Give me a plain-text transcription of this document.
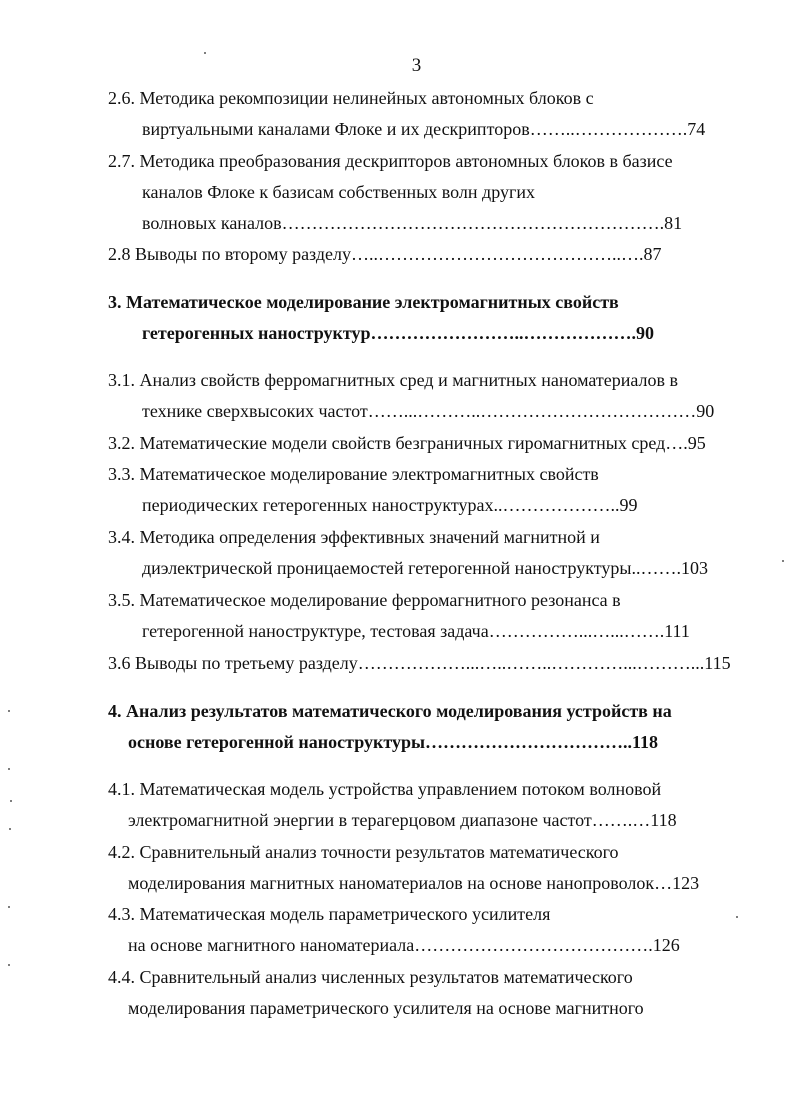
3
2.6. Методика рекомпозиции нелинейных автономных блоков с
виртуальными каналами Флоке и их дескрипторов……..……………….74
2.7. Методика преобразования дескрипторов автономных блоков в базисе
каналов Флоке к базисам собственных волн других
волновых каналов……………………………………………………….81
2.8 Выводы по второму разделу…..…………………………………..….87
3. Математическое моделирование электромагнитных свойств
гетерогенных наноструктур……………………..……………….90
3.1. Анализ свойств ферромагнитных сред и магнитных наноматериалов в
технике сверхвысоких частот……...………..………………………………90
3.2. Математические модели свойств безграничных гиромагнитных сред….95
3.3. Математическое моделирование электромагнитных свойств
периодических гетерогенных наноструктурах..………………..99
3.4. Методика определения эффективных значений магнитной и
диэлектрической проницаемостей гетерогенной наноструктуры..…….103
3.5. Математическое моделирование ферромагнитного резонанса в
гетерогенной наноструктуре, тестовая задача……………...…...…….111
3.6 Выводы по третьему разделу………………...…..……..…………...………...115
4. Анализ результатов математического моделирования устройств на
основе гетерогенной наноструктуры……………………………..118
4.1. Математическая модель устройства управлением потоком волновой
электромагнитной энергии в терагерцовом диапазоне частот…….…118
4.2. Сравнительный анализ точности результатов математического
моделирования магнитных наноматериалов на основе нанопроволок…123
4.3. Математическая модель параметрического усилителя
на основе магнитного наноматериала………………………………….126
4.4. Сравнительный анализ численных результатов математического
моделирования параметрического усилителя на основе магнитного
